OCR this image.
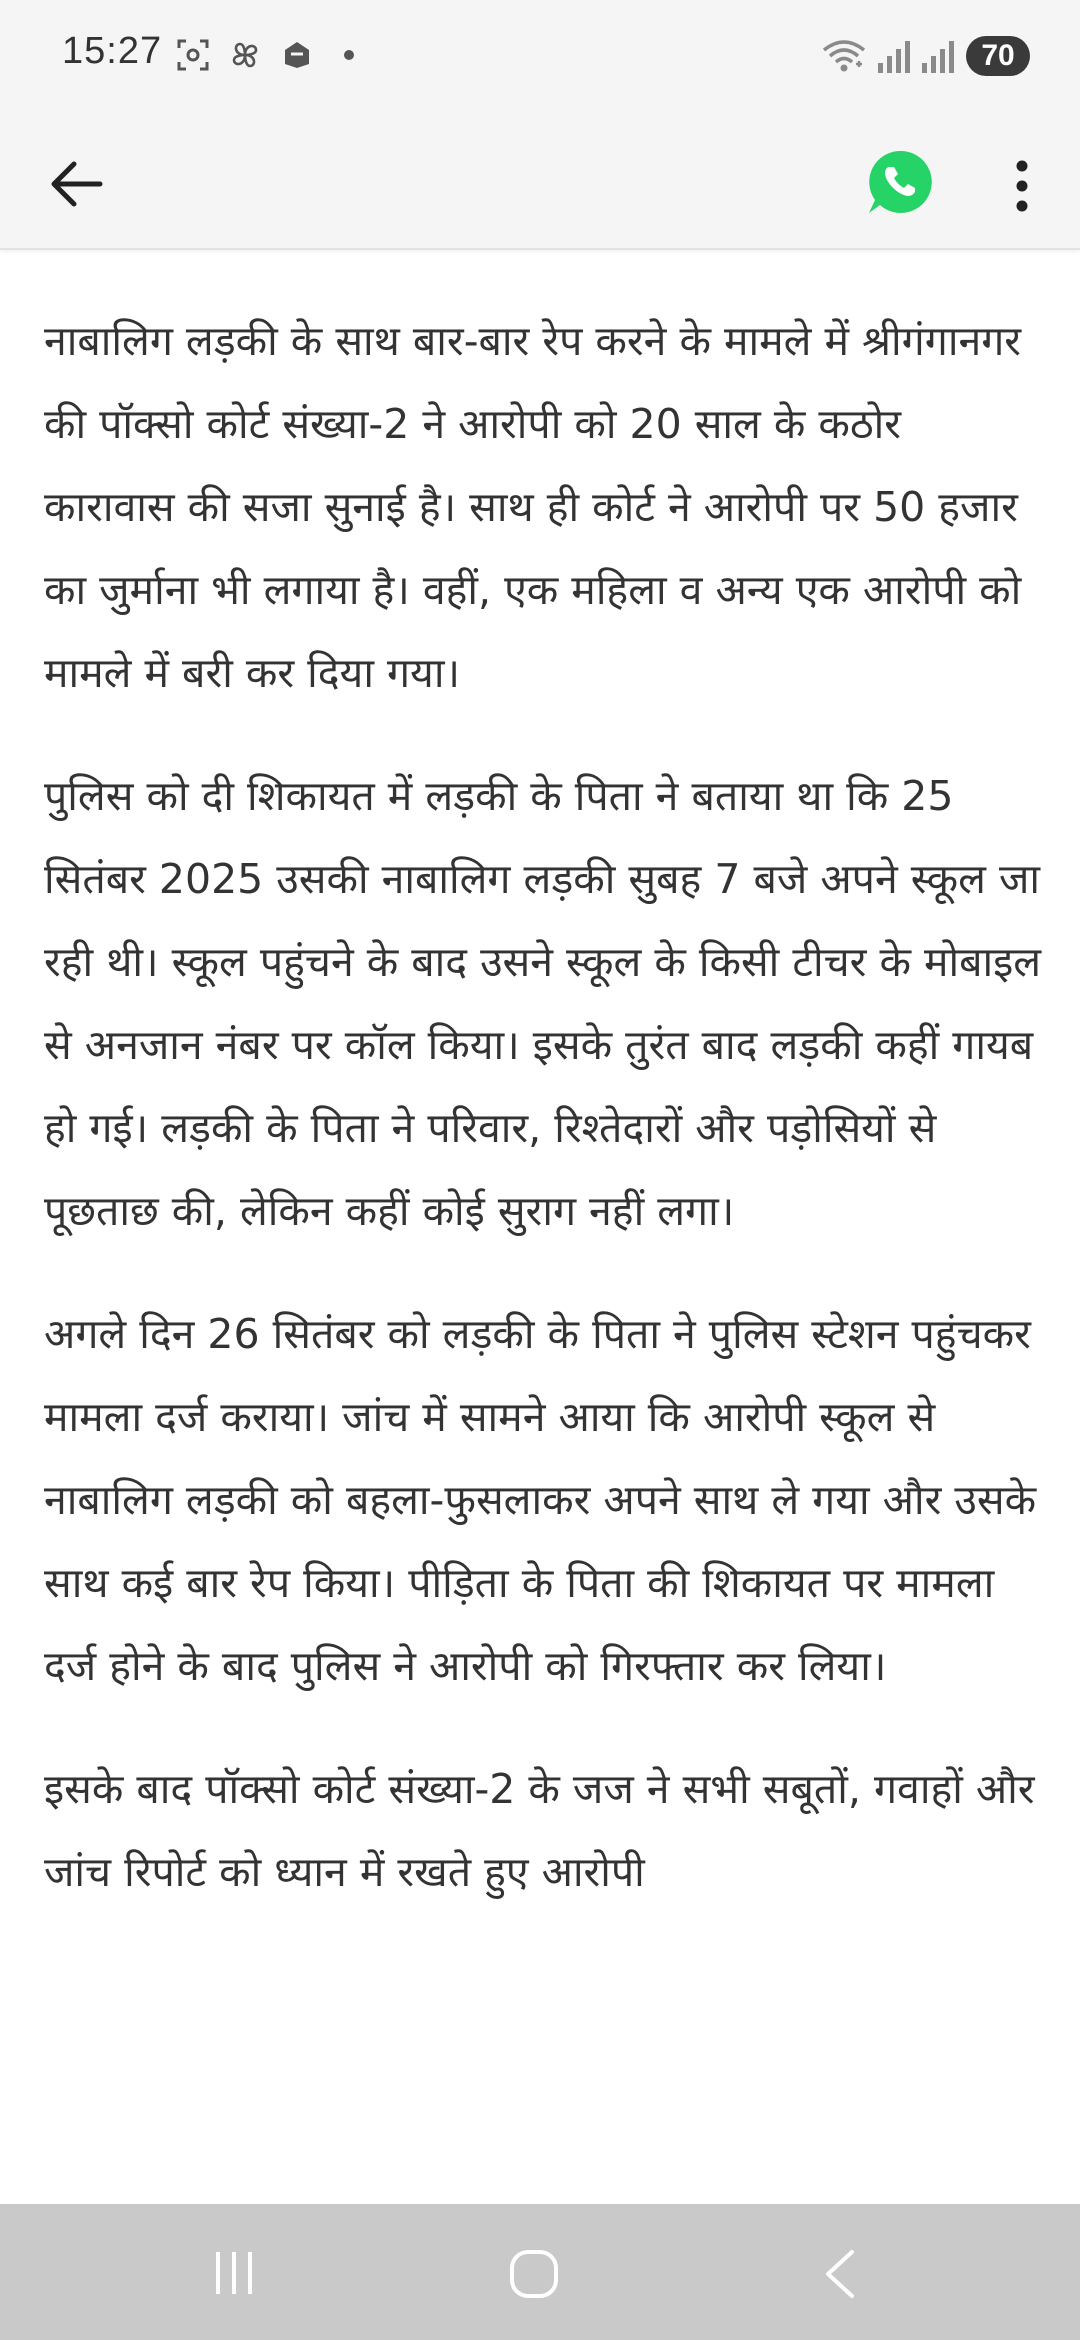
15:27	70

नाबालिग लड़की के साथ बार-बार रेप करने के मामले में श्रीगंगानगर की पॉक्सो कोर्ट संख्या-2 ने आरोपी को 20 साल के कठोर कारावास की सजा सुनाई है। साथ ही कोर्ट ने आरोपी पर 50 हजार का जुर्माना भी लगाया है। वहीं, एक महिला व अन्य एक आरोपी को मामले में बरी कर दिया गया।

पुलिस को दी शिकायत में लड़की के पिता ने बताया था कि 25 सितंबर 2025 उसकी नाबालिग लड़की सुबह 7 बजे अपने स्कूल जा रही थी। स्कूल पहुंचने के बाद उसने स्कूल के किसी टीचर के मोबाइल से अनजान नंबर पर कॉल किया। इसके तुरंत बाद लड़की कहीं गायब हो गई। लड़की के पिता ने परिवार, रिश्तेदारों और पड़ोसियों से पूछताछ की, लेकिन कहीं कोई सुराग नहीं लगा।

अगले दिन 26 सितंबर को लड़की के पिता ने पुलिस स्टेशन पहुंचकर मामला दर्ज कराया। जांच में सामने आया कि आरोपी स्कूल से नाबालिग लड़की को बहला-फुसलाकर अपने साथ ले गया और उसके साथ कई बार रेप किया। पीड़िता के पिता की शिकायत पर मामला दर्ज होने के बाद पुलिस ने आरोपी को गिरफ्तार कर लिया।

इसके बाद पॉक्सो कोर्ट संख्या-2 के जज ने सभी सबूतों, गवाहों और जांच रिपोर्ट को ध्यान में रखते हुए आरोपी
